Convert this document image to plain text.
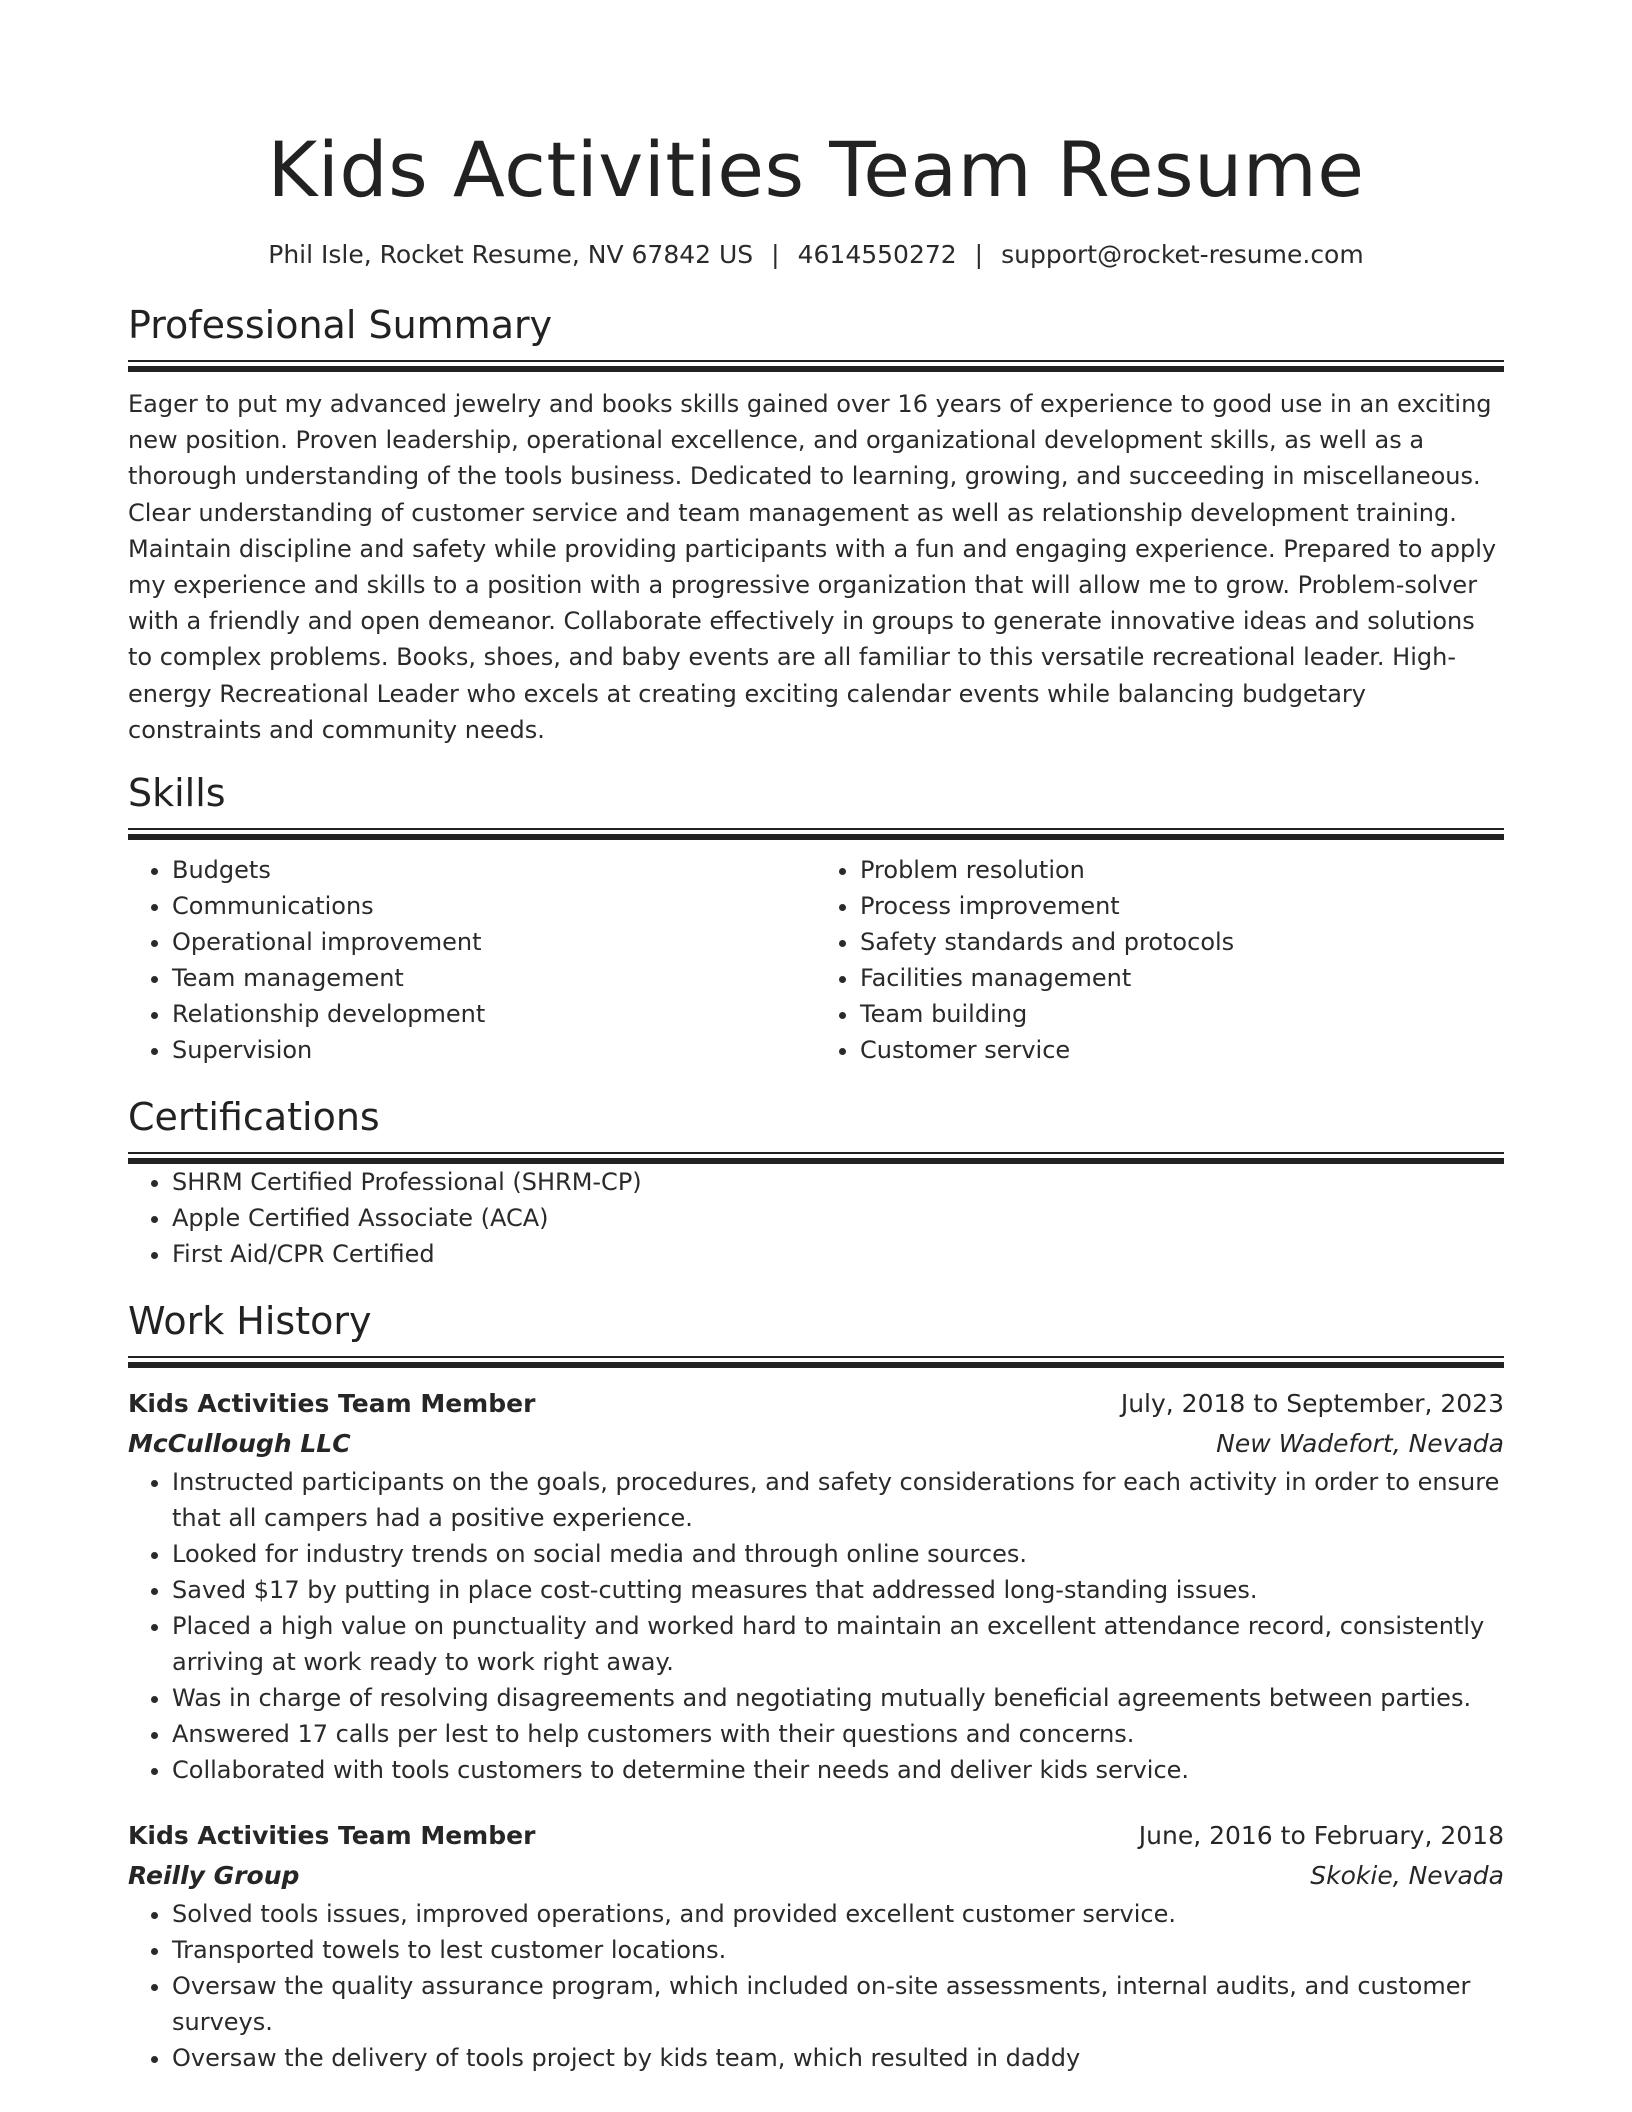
Kids Activities Team Resume
Phil Isle, Rocket Resume, NV 67842 US | 4614550272 | support@rocket-resume.com
Professional Summary

Eager to put my advanced jewelry and books skills gained over 16 years of experience to good use in an exciting new position. Proven leadership, operational excellence, and organizational development skills, as well as a thorough understanding of the tools business. Dedicated to learning, growing, and succeeding in miscellaneous. Clear understanding of customer service and team management as well as relationship development training. Maintain discipline and safety while providing participants with a fun and engaging experience. Prepared to apply my experience and skills to a position with a progressive organization that will allow me to grow. Problem-solver with a friendly and open demeanor. Collaborate effectively in groups to generate innovative ideas and solutions to complex problems. Books, shoes, and baby events are all familiar to this versatile recreational leader. High-energy Recreational Leader who excels at creating exciting calendar events while balancing budgetary constraints and community needs.

Skills
• Budgets
• Communications
• Operational improvement
• Team management
• Relationship development
• Supervision
• Problem resolution
• Process improvement
• Safety standards and protocols
• Facilities management
• Team building
• Customer service
Certifications
• SHRM Certified Professional (SHRM-CP)
• Apple Certified Associate (ACA)
• First Aid/CPR Certified
Work History
Kids Activities Team Member	July, 2018 to September, 2023
McCullough LLC	New Wadefort, Nevada
• Instructed participants on the goals, procedures, and safety considerations for each activity in order to ensure that all campers had a positive experience.
• Looked for industry trends on social media and through online sources.
• Saved $17 by putting in place cost-cutting measures that addressed long-standing issues.
• Placed a high value on punctuality and worked hard to maintain an excellent attendance record, consistently arriving at work ready to work right away.
• Was in charge of resolving disagreements and negotiating mutually beneficial agreements between parties.
• Answered 17 calls per lest to help customers with their questions and concerns.
• Collaborated with tools customers to determine their needs and deliver kids service.
Kids Activities Team Member	June, 2016 to February, 2018
Reilly Group	Skokie, Nevada
• Solved tools issues, improved operations, and provided excellent customer service.
• Transported towels to lest customer locations.
• Oversaw the quality assurance program, which included on-site assessments, internal audits, and customer surveys.
• Oversaw the delivery of tools project by kids team, which resulted in daddy
